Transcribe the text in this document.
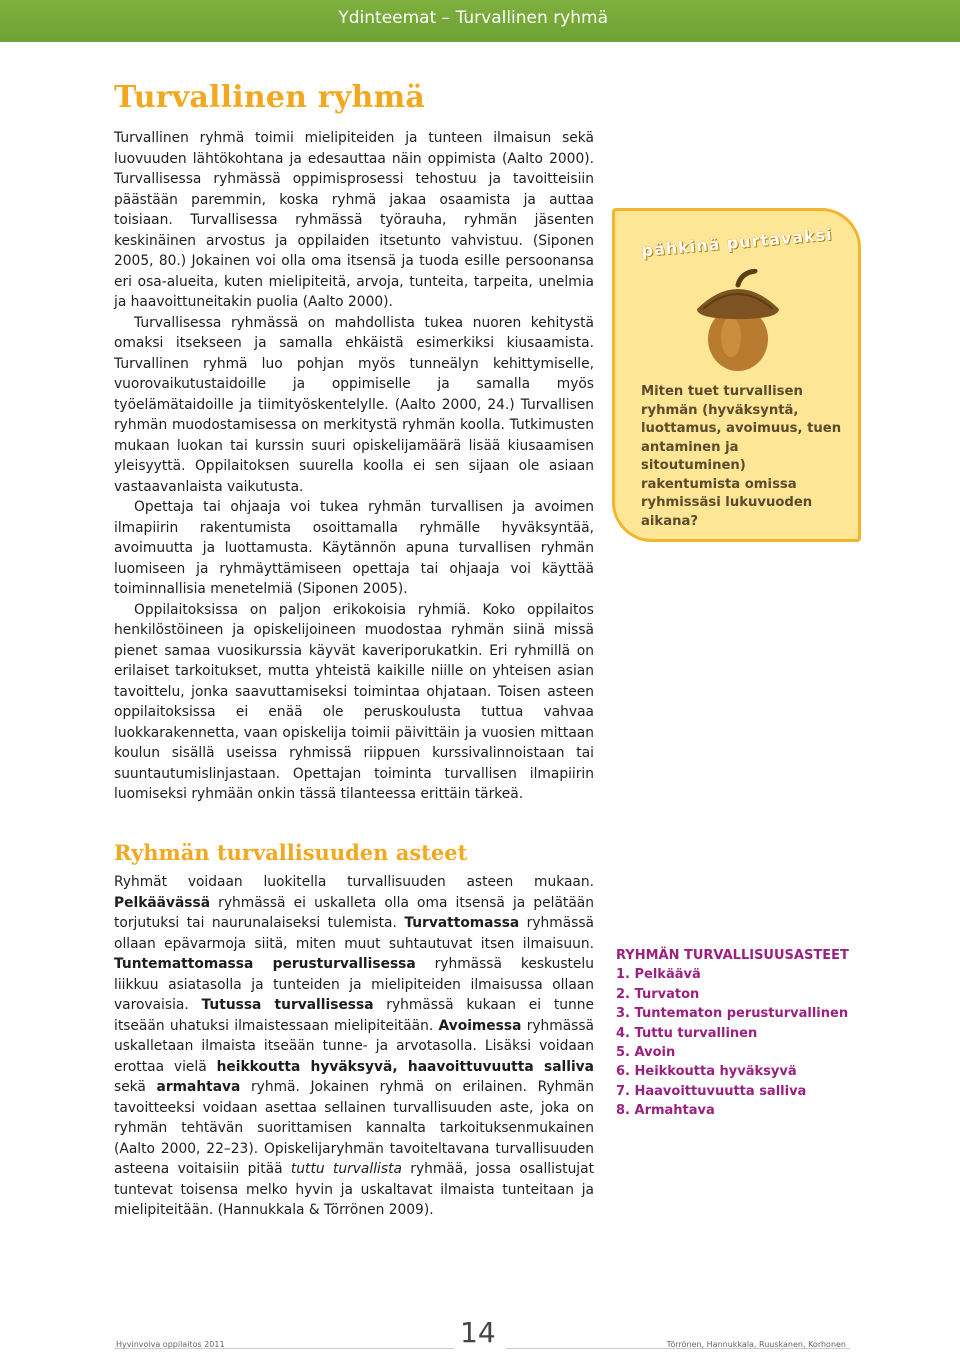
Ydinteemat – Turvallinen ryhmä
Turvallinen ryhmä

Turvallinen ryhmä toimii mielipiteiden ja tunteen ilmaisun sekä luovuuden lähtökohtana ja edesauttaa näin oppimista (Aalto 2000). Turvallisessa ryhmässä oppimisprosessi tehostuu ja tavoitteisiin päästään paremmin, koska ryhmä jakaa osaamista ja auttaa toisiaan. Turvallisessa ryhmässä työrauha, ryhmän jäsenten keskinäinen arvostus ja oppilaiden itsetunto vahvistuu. (Siponen 2005, 80.) Jokainen voi olla oma itsensä ja tuoda esille persoonansa eri osa-alueita, kuten mielipiteitä, arvoja, tunteita, tarpeita, unelmia ja haavoittuneitakin puolia (Aalto 2000).

Turvallisessa ryhmässä on mahdollista tukea nuoren kehitystä omaksi itsekseen ja samalla ehkäistä esimerkiksi kiusaamista. Turvallinen ryhmä luo pohjan myös tunneälyn kehittymiselle, vuorovaikutustaidoille ja oppimiselle ja samalla myös työelämätaidoille ja tiimityöskentelylle. (Aalto 2000, 24.) Turvallisen ryhmän muodostamisessa on merkitystä ryhmän koolla. Tutkimusten mukaan luokan tai kurssin suuri opiskelijamäärä lisää kiusaamisen yleisyyttä. Oppilaitoksen suurella koolla ei sen sijaan ole asiaan vastaavanlaista vaikutusta.

Opettaja tai ohjaaja voi tukea ryhmän turvallisen ja avoimen ilmapiirin rakentumista osoittamalla ryhmälle hyväksyntää, avoimuutta ja luottamusta. Käytännön apuna turvallisen ryhmän luomiseen ja ryhmäyttämiseen opettaja tai ohjaaja voi käyttää toiminnallisia menetelmiä (Siponen 2005).

Oppilaitoksissa on paljon erikokoisia ryhmiä. Koko oppilaitos henkilöstöineen ja opiskelijoineen muodostaa ryhmän siinä missä pienet samaa vuosikurssia käyvät kaveriporukatkin. Eri ryhmillä on erilaiset tarkoitukset, mutta yhteistä kaikille niille on yhteisen asian tavoittelu, jonka saavuttamiseksi toimintaa ohjataan. Toisen asteen oppilaitoksissa ei enää ole peruskoulusta tuttua vahvaa luokkarakennetta, vaan opiskelija toimii päivittäin ja vuosien mittaan koulun sisällä useissa ryhmissä riippuen kurssivalinnoistaan tai suuntautumislinjastaan. Opettajan toiminta turvallisen ilmapiirin luomiseksi ryhmään onkin tässä tilanteessa erittäin tärkeä.

pähkinä purtavaksi
Miten tuet turvallisen ryhmän (hyväksyntä, luottamus, avoimuus, tuen antaminen ja sitoutuminen) rakentumista omissa ryhmissäsi lukuvuoden aikana?
Ryhmän turvallisuuden asteet

Ryhmät voidaan luokitella turvallisuuden asteen mukaan. Pelkäävässä ryhmässä ei uskalleta olla oma itsensä ja pelätään torjutuksi tai naurunalaiseksi tulemista. Turvattomassa ryhmässä ollaan epävarmoja siitä, miten muut suhtautuvat itsen ilmaisuun. Tuntemattomassa perusturvallisessa ryhmässä keskustelu liikkuu asiatasolla ja tunteiden ja mielipiteiden ilmaisussa ollaan varovaisia. Tutussa turvallisessa ryhmässä kukaan ei tunne itseään uhatuksi ilmaistessaan mielipiteitään. Avoimessa ryhmässä uskalletaan ilmaista itseään tunne- ja arvotasolla. Lisäksi voidaan erottaa vielä heikkoutta hyväksyvä, haavoittuvuutta salliva sekä armahtava ryhmä. Jokainen ryhmä on erilainen. Ryhmän tavoitteeksi voidaan asettaa sellainen turvallisuuden aste, joka on ryhmän tehtävän suorittamisen kannalta tarkoituksenmukainen (Aalto 2000, 22–23). Opiskelijaryhmän tavoiteltavana turvallisuuden asteena voitaisiin pitää tuttu turvallista ryhmää, jossa osallistujat tuntevat toisensa melko hyvin ja uskaltavat ilmaista tunteitaan ja mielipiteitään. (Hannukkala & Törrönen 2009).

RYHMÄN TURVALLISUUSASTEET
1. Pelkäävä
2. Turvaton
3. Tuntematon perusturvallinen
4. Tuttu turvallinen
5. Avoin
6. Heikkoutta hyväksyvä
7. Haavoittuvuutta salliva
8. Armahtava
Hyvinvoiva oppilaitos 2011	14	Törrönen, Hannukkala, Ruuskanen, Korhonen
